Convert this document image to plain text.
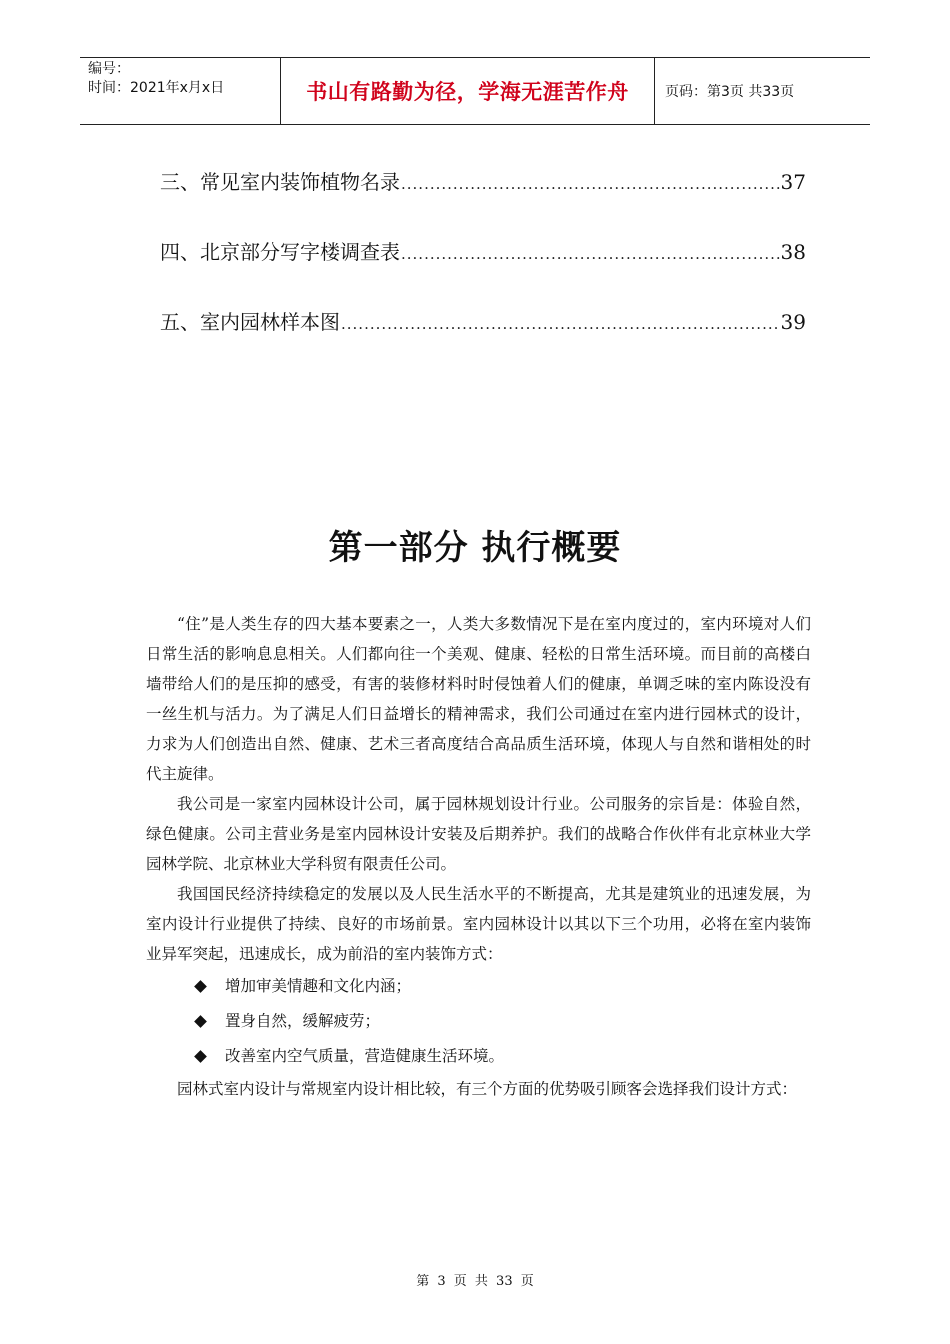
编号：
时间：2021年x月x日	书山有路勤为径，学海无涯苦作舟	页码：第3页 共33页
三、常见室内装饰植物名录 .....	37
四、北京部分写字楼调查表 .....	38
五、室内园林样本图 .....	39
第一部分 执行概要

“住”是人类生存的四大基本要素之一，人类大多数情况下是在室内度过的，室内环境对人们日常生活的影响息息相关。人们都向往一个美观、健康、轻松的日常生活环境。而目前的高楼白墙带给人们的是压抑的感受，有害的装修材料时时侵蚀着人们的健康，单调乏味的室内陈设没有一丝生机与活力。为了满足人们日益增长的精神需求，我们公司通过在室内进行园林式的设计，力求为人们创造出自然、健康、艺术三者高度结合高品质生活环境，体现人与自然和谐相处的时代主旋律。

我公司是一家室内园林设计公司，属于园林规划设计行业。公司服务的宗旨是：体验自然，绿色健康。公司主营业务是室内园林设计安装及后期养护。我们的战略合作伙伴有北京林业大学园林学院、北京林业大学科贸有限责任公司。

我国国民经济持续稳定的发展以及人民生活水平的不断提高，尤其是建筑业的迅速发展，为室内设计行业提供了持续、良好的市场前景。室内园林设计以其以下三个功用，必将在室内装饰业异军突起，迅速成长，成为前沿的室内装饰方式：

增加审美情趣和文化内涵；
置身自然，缓解疲劳；
改善室内空气质量，营造健康生活环境。

园林式室内设计与常规室内设计相比较，有三个方面的优势吸引顾客会选择我们设计方式：

第 3 页 共 33 页
